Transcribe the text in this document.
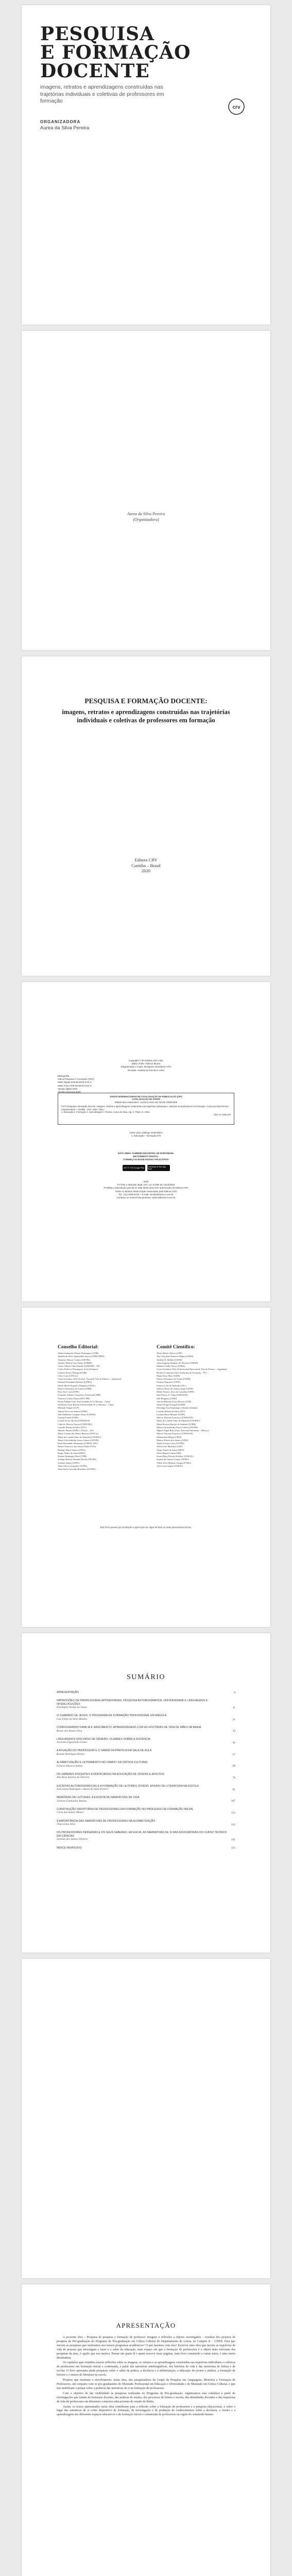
PESQUISA
E FORMAÇÃO
DOCENTE
imagens, retratos e aprendizagens construídas nas trajetórias individuais e coletivas de professores em formação
ORGANIZADORA
Aurea da Silva Pereira
crv
Aurea da Silva Pereira
(Organizadora)
PESQUISA E FORMAÇÃO DOCENTE:
imagens, retratos e aprendizagens construídas nas trajetórias individuais e coletivas de professores em formação
Editora CRV
Curitiba – Brasil
2020
Copyright © da Editora CRV Ltda.
Editor-chefe: Railson Moura
Diagramação e Capa: Designers da Editora CRV
Revisão: Analista de Escrita e Artes
Bibliografia
Indica Pesquisa e Formação (CRV)
ISBN Digital 978-65-5578-XXX-X
ISBN Físico 978-65-5578-XXX-X
Versão digital 2020
Versão impressa 2020
DADOS INTERNACIONAIS DE CATALOGAÇÃO NA PUBLICAÇÃO (CIP)
CATALOGAÇÃO NA FONTE
Bibliotecária responsável: Luzenira Alves dos Santos CRB9/1506
P474 Pesquisa e formação docente: imagens, retratos e aprendizagens construídas nas trajetórias individuais e coletivas de professores em formação / Aurea da Silva Pereira (organizadora) – Curitiba : CRV, 2020. 146 p.
1. Educação 2. Formação 3. Aprendizagem I. Pereira, Aurea da Silva, org. II. Título. III. Série.
CDU 37 CDD 370
Índice para catálogo sistemático
1. Educação – formação 370
ESTA OBRA TAMBÉM ENCONTRA-SE DISPONÍVEL
EM FORMATO DIGITAL.
CONHEÇA E BAIXE NOSSO APLICATIVO!
GET IT ON Google Play	Download on the App Store
2020
Foi feito o depósito legal conf. Lei 10.994 de 14/12/2004
Proibida a reprodução parcial ou total desta obra sem autorização da Editora CRV
Todos os direitos desta edição reservados pela Editora CRV
Tel.: (41) 3039-6418 – E-mail: sac@editoracrv.com.br
Conheça os nossos lançamentos: www.editoracrv.com.br
Conselho Editorial:	Comitê Científico:
Aldira Guimarães Duarte Domínguez (UNB)
Andréia da Silva Quintanilha Sousa (UNIR/UFRN)
Anselmo Alencar Colares (UFOPA)
Antônio Pereira Gaio Júnior (UFRRJ)
Carlos Alberto Vilar Estêvão (UMINHO – PT)
Carlos Federico Dominguez Avila (Unieuro)
Carmen Tereza Velanga (UNIR)
Celso Conti (UFSCar)
Cesar Gerónimo Tello (Univer. Nacional Três de Febrero – Argentina)
Eduardo Fernandes Barbosa (UFMG)
Elione Maria Nogueira Diogenes (UFAL)
Elizeu Clementino de Souza (UNEB)
Élsio José Corá (UFFS)
Fernando Antônio Gonçalves Alcoforado (IPB)
Francisco Carlos Duarte (PUC-PR)
Gloria Fariñas León (Universidade de La Havana – Cuba)
Guillermo Arias Beatón (Universidade de La Havana – Cuba)
Helmuth Krüger (UCP)
Jailson Alves dos Santos (UFRJ)
João Adalberto Campato Junior (UNESP)
Josania Portela (UFPI)
Leonel Severo Rocha (UNISINOS)
Lídia de Oliveira Xavier (UNIEURO)
Lourdes Helena da Silva (UFV)
Marcelo Paixão (UFRJ e UTexas – US)
Maria Cristina dos Santos Bezerra (UFSCar)
Maria de Lourdes Pinto de Almeida (UNOESC)
Maria Lília Imbiriba Sousa Colares (UFOPA)
Paulo Romualdo Hernandes (UNIFAL-MG)
Renato Francisco dos Santos Paula (UFG)
Rodrigo Pratte-Santos (UFES)
Sergio Nunes de Jesus (IFRO)
Simone Rodrigues Pinto (UNB)
Solange Helena Ximenes-Rocha (UFOPA)
Sydione Santos (UEPG)
Tadeu Oliver Gonçalves (UFPA)
Tania Suely Azevedo Brasileiro (UFOPA)
Altair Alberto Fávero (UPF)
Ana Chrystina Venancio Mignot (UERJ)
Andréia N. Militão (UEMS)
Anna Augusta Sampaio de Oliveira (UNESP)
Barbara Coelho Neves (UFBA)
Cesar Gerónimo Tello (Universidad Nacional de Três de Febrero – Argentina)
Diosnel Centurion (Univ Autónoma de Assunção – PY)
Eliane Rose Maio (UEM)
Elizeu Clementino de Souza (UNEB)
Fauston Negreiros (UFPI)
Francisco Ari de Andrade (UFC)
Gláucia Maria dos Santos Jorge (UFOP)
Helder Buenos Aires de Carvalho (UFPI)
Ilma Passos A. Veiga (UNICEUB)
Inês Bragança (UERJ)
José de Ribamar Sousa Pereira (UCB)
Jussara Fraga Portugal (UNEB)
Kilwangy Kya Kapitango-a-Samba (Unemat)
Lourdes Helena da Silva (UFV)
Luciana Rosa Marques (UFPE)
Marcos Vinicius Francisco (UNOESTE)
Maria de Lourdes Pinto de Almeida (UNOESC)
Maria Eurácia Barreto de Andrade (UFRB)
Maria Lília Imbiriba Sousa Colares (UFOPA)
Míguel Ángel Ruiz (Univ. Nacional Autónoma – México)
Marcos Vinicius Francisco (UNOESTE)
Mohammed Elhajji (UFRJ)
Mônica Pereira dos Santos (UFRJ)
Najela Tavares Ujiie (UTFPR)
Nilson José Machado (USP)
Sérgio Nunes de Jesus (IFRO)
Silvia Regina Canan (URI)
Sonia Maria Ferreira Koehler (UNISAL)
Suzana dos Santos Gomes (UFMG)
Vânia Alves Martins Chaigar (FURG)
Vera Lucia Gaspar (UDESC)
Este livro passou por avaliação e aprovação às cegas de dois ou mais pareceristas ad hoc.
SUMÁRIO
APRESENTAÇÃO	9
IMPRESSÕES DE PROFESSORAS APOSENTADAS: PESQUISA AUTOBIOGRÁFICA, UNIVERSIDADE E LINGUAGENS E INTERLOCUÇÕES
Elisângela Araújo de Souza	11
O CHAMADO DE JESUS: O PROGRAMA DE FORMAÇÃO PROFISSIONAL EM ANGOLA
Luís Filipe da Silva Mendes	21
CONFIGURANDO FAMÍLIA E NASCIMENTO: APRENDIZAGENS COM AS HISTÓRIAS DE VIDA DE MÃES NA BAHIA
Bruno dos Santos Silva	33
LINGUAGEM E DISCURSO DE GÊNERO: OLHARES SOBRE A DOCÊNCIA
Jocivane Figueiredo Gomes	45
A ATUAÇÃO DO PROFESSOR E O SABER DA PRÁTICA EM SALA DE AULA
Rosane Rodrigues Bastos	57
ALFABETIZAÇÃO E LETRAMENTO NO CAMPO: DA CRÍTICA CULTURAL
Gilsara Oliveira Santos	69
OS SABERES DOCENTES EVIDENCIADOS NA EDUCAÇÃO DE JOVENS E ADULTOS
Ana Rosa Saraiva de Oliveira	79
ESCRITAS AUTOBIOGRÁFICAS E A FORMAÇÃO DE LEITORES JOVENS: ENSINO DE LITERATURA NA ESCOLA
Ivan Souza Rodrigues e Aurea da Silva Pereira	91
MEMÓRIAS DE LEITURAS: A ESCRITA DE NARRATIVAS DE VIDA
Jackson Guimarães Batista	107
CONSTRUÇÃO IDENTITÁRIA DE PROFESSORES EM FORMAÇÃO NO PROCESSO DE FORMAÇÃO INICIAL
Carla dos Santos Moura	123
A IMPORTÂNCIA DAS NARRATIVAS DE PROFESSORES NA ALFABETIZAÇÃO
Thaís Lima Silva	135
OS PROFESSORES INDÍGENAS E OS SEUS SABERES: EM EULIR, AS NARRATIVAS DE SI DAS EDUCADORAS DO CURSO TÉCNICO EM CIÊNCIAS
Zeneida dos Santos Oliveira	141
ÍNDICE REMISSIVO	155
APRESENTAÇÃO

A presente obra – Pesquisa de pesquisa e formação de professor: imagens e reflexões a objetos investigados – resultou dos projetos de pesquisa da Pró-graduação do Programa de Pós-graduação em Crítica Cultural do Departamento de Letras, no Campus II – UNEB. Para que servem as pesquisas que realizamos nos nossos programas acadêmicos? O que fazemos com elas? Escrever uma obra que mostre as trajetórias de vida de pessoas que investigam o fazer e o saber da educação, num espaço em que a formação de professores é o objeto mais relevante das pesquisas da área, é aquilo que nos motiva. Pensar em quem lê e quem escreve essas páginas, num livro construído a várias mãos, é uma tarefa desafiadora.

Os capítulos aqui reunidos trazem reflexões sobre as imagens, os retratos e as aprendizagens construídas nas trajetórias individuais e coletivas de professores em formação inicial e continuada, a partir das narrativas autobiográficas, das histórias de vida e das memórias de leitura e de escrita. O livro apresenta ainda pesquisas sobre o saber da prática, a docência e a alfabetização, a educação de jovens e adultos, a formação de leitores e o ensino de literatura na escola.

Projetos que mostram o envolvimento, nesta obra, dos pesquisadores do Grupo de Pesquisa em Linguagens, Memória e Formação de Professores, em conjunto com os pós-graduandos do Mestrado Profissional em Educação e Diversidade e do Mestrado em Crítica Cultural, e que nos mobilizam a pensar sobre a potência das narrativas de si na formação de professores.

Com o objetivo de dar visibilidade às pesquisas realizadas no Programa de Pós-graduação, organizamos esta coletânea a partir de investigações que tratam da formação docente, das práticas de ensino, dos processos de leitura e escrita, das identidades docentes e das trajetórias de vida de professores em diferentes contextos educacionais do estado da Bahia.

Assim, os textos apresentados nesta obra contribuem para a reflexão sobre a formação de professores e a pesquisa educacional, e sobre o lugar das narrativas de si como dispositivo de formação, de investigação e de produção de conhecimentos sobre a docência, o ensino e a aprendizagem nos diferentes espaços educativos e de formação inicial e continuada de professores na região do semiárido baiano.
